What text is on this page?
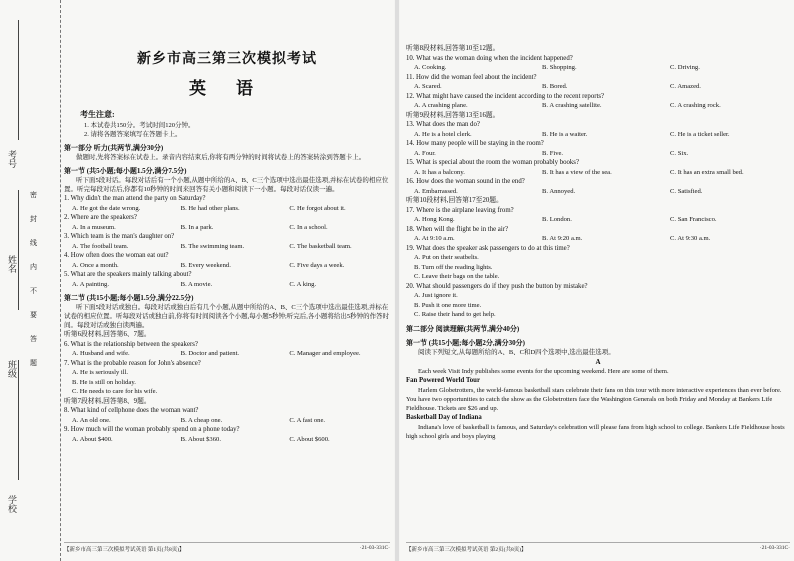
考号
姓名
班级
学校
密
封
线
内
不
要
答
题
新乡市高三第三次模拟考试
英 语
考生注意:
1. 本试卷共150分。考试时间120分钟。
2. 请将各题答案填写在答题卡上。
第一部分 听力(共两节,满分30分)
做题时,先将答案标在试卷上。录音内容结束后,你将有两分钟的时间将试卷上的答案转涂到答题卡上。
第一节 (共5小题;每小题1.5分,满分7.5分)
听下面5段对话。每段对话后有一个小题,从题中所给的A、B、C三个选项中选出最佳选项,并标在试卷的相应位置。听完每段对话后,你都有10秒钟的时间来回答有关小题和阅读下一小题。每段对话仅读一遍。
1. Why didn't the man attend the party on Saturday?
A. He got the date wrong.	B. He had other plans.	C. He forgot about it.
2. Where are the speakers?
A. In a museum.	B. In a park.	C. In a school.
3. Which team is the man's daughter on?
A. The football team.	B. The swimming team.	C. The basketball team.
4. How often does the woman eat out?
A. Once a month.	B. Every weekend.	C. Five days a week.
5. What are the speakers mainly talking about?
A. A painting.	B. A movie.	C. A king.
第二节 (共15小题;每小题1.5分,满分22.5分)
听下面5段对话或独白。每段对话或独白后有几个小题,从题中所给的A、B、C三个选项中选出最佳选项,并标在试卷的相应位置。听每段对话或独白前,你将有时间阅读各个小题,每小题5秒钟;听完后,各小题将给出5秒钟的作答时间。每段对话或独白读两遍。
听第6段材料,回答第6、7题。
6. What is the relationship between the speakers?
A. Husband and wife.	B. Doctor and patient.	C. Manager and employee.
7. What is the probable reason for John's absence?
A. He is seriously ill.
B. He is still on holiday.
C. He needs to care for his wife.
听第7段材料,回答第8、9题。
8. What kind of cellphone does the woman want?
A. An old one.	B. A cheap one.	C. A fast one.
9. How much will the woman probably spend on a phone today?
A. About $400.	B. About $360.	C. About $600.
【新乡市高三第三次模拟考试英语 第1页(共8页)】	·21-03-331C·
听第8段材料,回答第10至12题。
10. What was the woman doing when the incident happened?
A. Cooking.	B. Shopping.	C. Driving.
11. How did the woman feel about the incident?
A. Scared.	B. Bored.	C. Amazed.
12. What might have caused the incident according to the recent reports?
A. A crashing plane.	B. A crashing satellite.	C. A crashing rock.
听第9段材料,回答第13至16题。
13. What does the man do?
A. He is a hotel clerk.	B. He is a waiter.	C. He is a ticket seller.
14. How many people will be staying in the room?
A. Four.	B. Five.	C. Six.
15. What is special about the room the woman probably books?
A. It has a balcony.	B. It has a view of the sea.	C. It has an extra small bed.
16. How does the woman sound in the end?
A. Embarrassed.	B. Annoyed.	C. Satisfied.
听第10段材料,回答第17至20题。
17. Where is the airplane leaving from?
A. Hong Kong.	B. London.	C. San Francisco.
18. When will the flight be in the air?
A. At 9:10 a.m.	B. At 9:20 a.m.	C. At 9:30 a.m.
19. What does the speaker ask passengers to do at this time?
A. Put on their seatbelts.
B. Turn off the reading lights.
C. Leave their bags on the table.
20. What should passengers do if they push the button by mistake?
A. Just ignore it.
B. Push it one more time.
C. Raise their hand to get help.
第二部分 阅读理解(共两节,满分40分)
第一节 (共15小题;每小题2分,满分30分)
阅读下列短文,从每题所给的A、B、C和D四个选项中,选出最佳选项。
A
Each week Visit Indy publishes some events for the upcoming weekend. Here are some of them.
Fan Powered World Tour
Harlem Globetrotters, the world-famous basketball stars celebrate their fans on this tour with more interactive experiences than ever before. You have two opportunities to catch the show as the Globetrotters face the Washington Generals on both Friday and Monday at Bankers Life Fieldhouse. Tickets are $26 and up.
Basketball Day of Indiana
Indiana's love of basketball is famous, and Saturday's celebration will please fans from high school to college. Bankers Life Fieldhouse hosts high school girls and boys playing
【新乡市高三第三次模拟考试英语 第2页(共8页)】	·21-03-331C·
